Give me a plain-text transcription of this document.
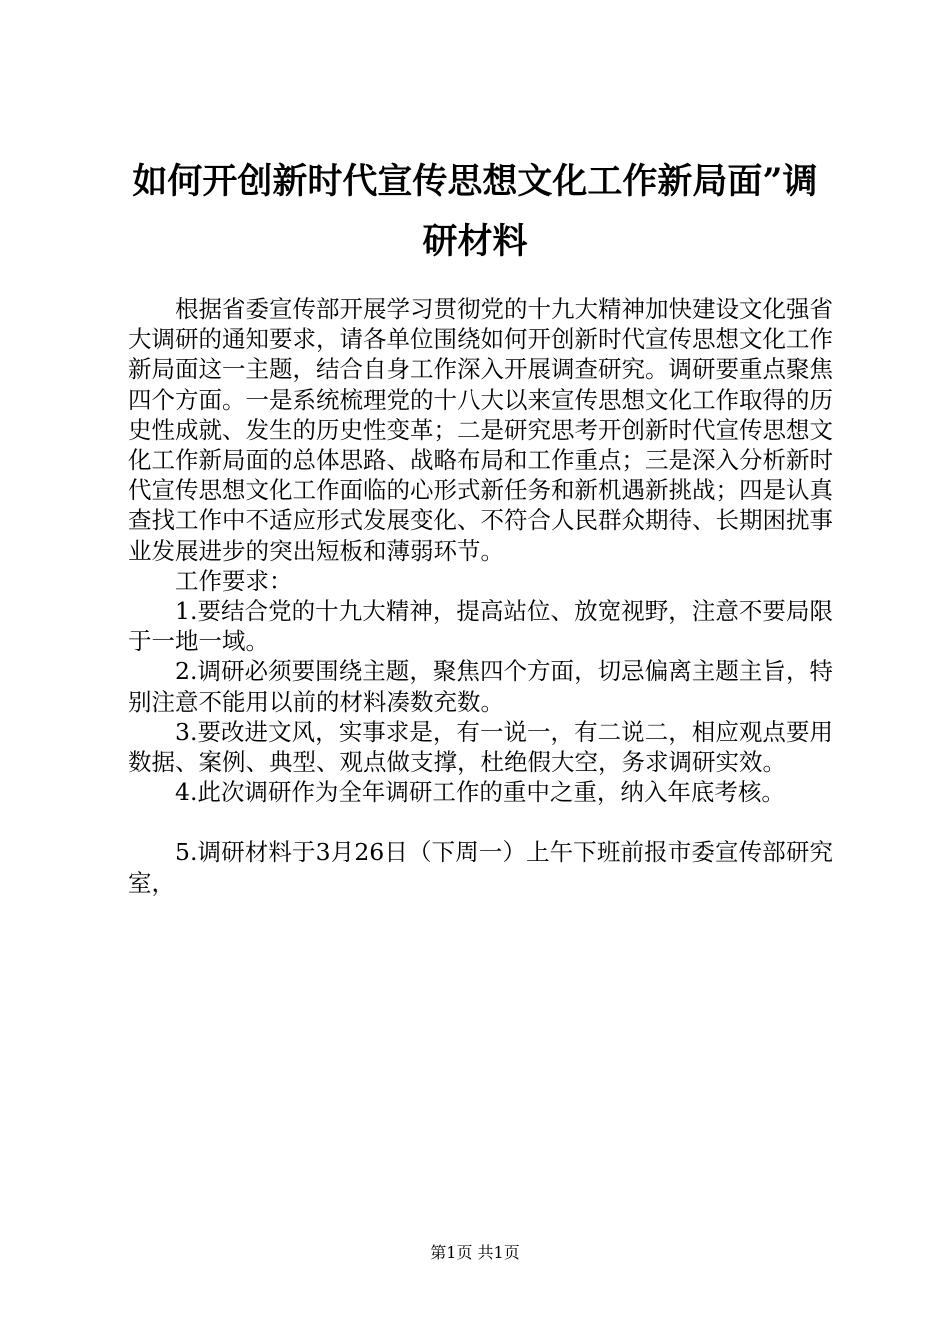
如何开创新时代宣传思想文化工作新局面”调研材料

根据省委宣传部开展学习贯彻党的十九大精神加快建设文化强省大调研的通知要求，请各单位围绕如何开创新时代宣传思想文化工作新局面这一主题，结合自身工作深入开展调查研究。调研要重点聚焦四个方面。一是系统梳理党的十八大以来宣传思想文化工作取得的历史性成就、发生的历史性变革；二是研究思考开创新时代宣传思想文化工作新局面的总体思路、战略布局和工作重点；三是深入分析新时代宣传思想文化工作面临的心形式新任务和新机遇新挑战；四是认真查找工作中不适应形式发展变化、不符合人民群众期待、长期困扰事业发展进步的突出短板和薄弱环节。

工作要求：

1.要结合党的十九大精神，提高站位、放宽视野，注意不要局限于一地一域。

2.调研必须要围绕主题，聚焦四个方面，切忌偏离主题主旨，特别注意不能用以前的材料凑数充数。

3.要改进文风，实事求是，有一说一，有二说二，相应观点要用数据、案例、典型、观点做支撑，杜绝假大空，务求调研实效。

4.此次调研作为全年调研工作的重中之重，纳入年底考核。

5.调研材料于3月26日（下周一）上午下班前报市委宣传部研究室，

第1页 共1页
